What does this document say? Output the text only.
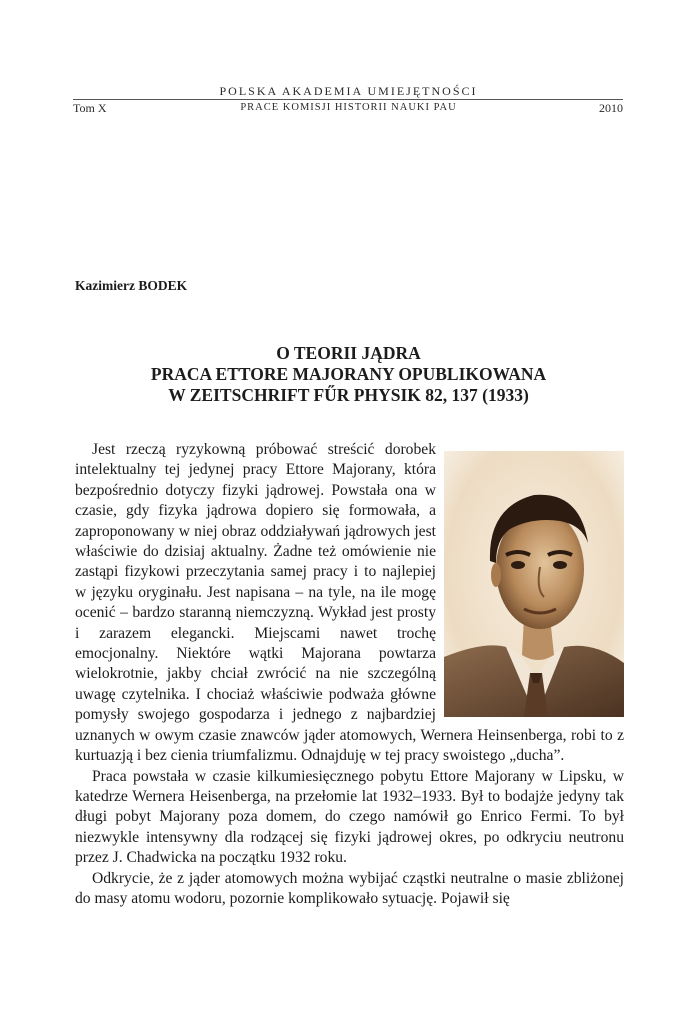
POLSKA AKADEMIA UMIEJĘTNOŚCI
Tom X	PRACE KOMISJI HISTORII NAUKI PAU	2010
Kazimierz BODEK
O TEORII JĄDRA
PRACA ETTORE MAJORANY OPUBLIKOWANA
W ZEITSCHRIFT FŰR PHYSIK 82, 137 (1933)

Jest rzeczą ryzykowną próbować streścić dorobek intelektualny tej jedynej pracy Ettore Majorany, która bezpośrednio dotyczy fizyki jądrowej. Powstała ona w czasie, gdy fizyka jądrowa dopiero się formowała, a zaproponowany w niej obraz oddziaływań jądrowych jest właściwie do dzisiaj aktualny. Żadne też omówienie nie zastąpi fizykowi przeczytania samej pracy i to najlepiej w języku oryginału. Jest napisana – na tyle, na ile mogę ocenić – bardzo staranną niemczyzną. Wykład jest prosty i zarazem elegancki. Miejscami nawet trochę emocjonalny. Niektóre wątki Majorana powtarza wielokrotnie, jakby chciał zwrócić na nie szczególną uwagę czytelnika. I chociaż właściwie podważa główne pomysły swojego gospodarza i jednego z najbardziej uznanych w owym czasie znawców jąder atomowych, Wernera Heinsenberga, robi to z kurtuazją i bez cienia triumfalizmu. Odnajduję w tej pracy swoistego „ducha”.

Praca powstała w czasie kilkumiesięcznego pobytu Ettore Majorany w Lipsku, w katedrze Wernera Heisenberga, na przełomie lat 1932–1933. Był to bodajże jedyny tak długi pobyt Majorany poza domem, do czego namówił go Enrico Fermi. To był niezwykle intensywny dla rodzącej się fizyki jądrowej okres, po odkryciu neutronu przez J. Chadwicka na początku 1932 roku.

Odkrycie, że z jąder atomowych można wybijać cząstki neutralne o masie zbliżonej do masy atomu wodoru, pozornie komplikowało sytuację. Pojawił się
